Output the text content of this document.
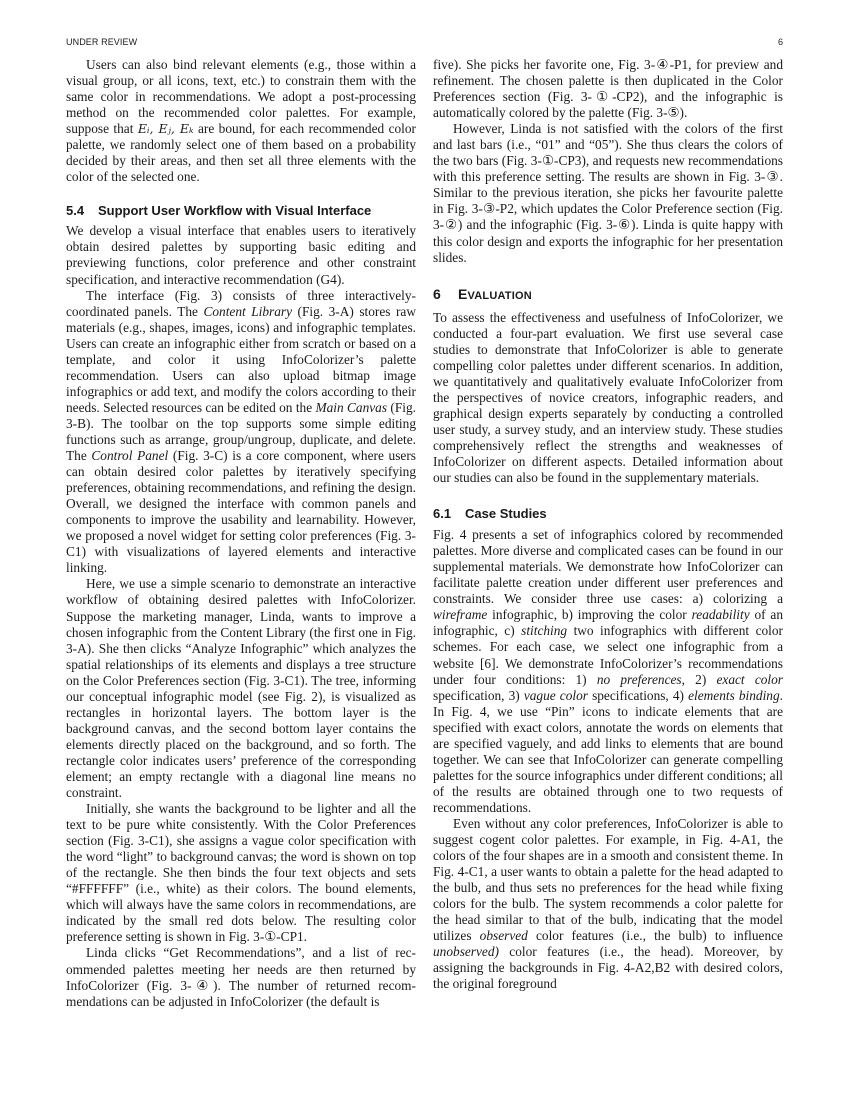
UNDER REVIEW	6

Users can also bind relevant elements (e.g., those within a visual group, or all icons, text, etc.) to constrain them with the same color in recommendations. We adopt a post-processing method on the recommended color palettes. For example, suppose that Eᵢ, Eⱼ, Eₖ are bound, for each recommended color palette, we randomly select one of them based on a probability decided by their areas, and then set all three elements with the color of the selected one.

5.4 Support User Workflow with Visual Interface

We develop a visual interface that enables users to iteratively obtain desired palettes by supporting basic editing and previewing functions, color preference and other constraint specification, and interactive recommendation (G4).

The interface (Fig. 3) consists of three interactively-coordinated panels. The Content Library (Fig. 3-A) stores raw materials (e.g., shapes, images, icons) and infographic templates. Users can create an infographic either from scratch or based on a template, and color it using InfoColorizer’s palette recommendation. Users can also upload bitmap image infographics or add text, and modify the colors according to their needs. Selected resources can be edited on the Main Canvas (Fig. 3-B). The toolbar on the top supports some simple editing functions such as arrange, group/ungroup, duplicate, and delete. The Control Panel (Fig. 3-C) is a core component, where users can obtain desired color palettes by iteratively specifying preferences, obtaining recommendations, and refining the design. Overall, we designed the interface with common panels and components to improve the usability and learnability. However, we proposed a novel widget for setting color preferences (Fig. 3-C1) with visualizations of layered elements and interactive linking.

Here, we use a simple scenario to demonstrate an interactive workflow of obtaining desired palettes with InfoColorizer. Suppose the marketing manager, Linda, wants to improve a chosen infographic from the Content Library (the first one in Fig. 3-A). She then clicks “Analyze Infographic” which analyzes the spatial relationships of its elements and displays a tree structure on the Color Preferences section (Fig. 3-C1). The tree, informing our conceptual infographic model (see Fig. 2), is visualized as rectangles in horizontal layers. The bottom layer is the background canvas, and the second bottom layer contains the elements directly placed on the background, and so forth. The rectangle color indicates users’ preference of the corresponding element; an empty rectangle with a diagonal line means no constraint.

Initially, she wants the background to be lighter and all the text to be pure white consistently. With the Color Preferences section (Fig. 3-C1), she assigns a vague color specification with the word “light” to background canvas; the word is shown on top of the rectangle. She then binds the four text objects and sets “#FFFFFF” (i.e., white) as their colors. The bound elements, which will always have the same colors in recommendations, are indicated by the small red dots below. The resulting color preference setting is shown in Fig. 3-①-CP1.

Linda clicks “Get Recommendations”, and a list of recommended palettes meeting her needs are then returned by InfoColorizer (Fig. 3-④). The number of returned recommendations can be adjusted in InfoColorizer (the default is

five). She picks her favorite one, Fig. 3-④-P1, for preview and refinement. The chosen palette is then duplicated in the Color Preferences section (Fig. 3-①-CP2), and the infographic is automatically colored by the palette (Fig. 3-⑤).

However, Linda is not satisfied with the colors of the first and last bars (i.e., “01” and “05”). She thus clears the colors of the two bars (Fig. 3-①-CP3), and requests new recommendations with this preference setting. The results are shown in Fig. 3-③. Similar to the previous iteration, she picks her favourite palette in Fig. 3-③-P2, which updates the Color Preference section (Fig. 3-②) and the infographic (Fig. 3-⑥). Linda is quite happy with this color design and exports the infographic for her presentation slides.

6 EVALUATION

To assess the effectiveness and usefulness of InfoColorizer, we conducted a four-part evaluation. We first use several case studies to demonstrate that InfoColorizer is able to generate compelling color palettes under different scenarios. In addition, we quantitatively and qualitatively evaluate InfoColorizer from the perspectives of novice creators, infographic readers, and graphical design experts separately by conducting a controlled user study, a survey study, and an interview study. These studies comprehensively reflect the strengths and weaknesses of InfoColorizer on different aspects. Detailed information about our studies can also be found in the supplementary materials.

6.1 Case Studies

Fig. 4 presents a set of infographics colored by recommended palettes. More diverse and complicated cases can be found in our supplemental materials. We demonstrate how InfoColorizer can facilitate palette creation under different user preferences and constraints. We consider three use cases: a) colorizing a wireframe infographic, b) improving the color readability of an infographic, c) stitching two infographics with different color schemes. For each case, we select one infographic from a website [6]. We demonstrate InfoColorizer’s recommendations under four conditions: 1) no preferences, 2) exact color specification, 3) vague color specifications, 4) elements binding. In Fig. 4, we use “Pin” icons to indicate elements that are specified with exact colors, annotate the words on elements that are specified vaguely, and add links to elements that are bound together. We can see that InfoColorizer can generate compelling palettes for the source infographics under different conditions; all of the results are obtained through one to two requests of recommendations.

Even without any color preferences, InfoColorizer is able to suggest cogent color palettes. For example, in Fig. 4-A1, the colors of the four shapes are in a smooth and consistent theme. In Fig. 4-C1, a user wants to obtain a palette for the head adapted to the bulb, and thus sets no preferences for the head while fixing colors for the bulb. The system recommends a color palette for the head similar to that of the bulb, indicating that the model utilizes observed color features (i.e., the bulb) to influence unobserved) color features (i.e., the head). Moreover, by assigning the backgrounds in Fig. 4-A2,B2 with desired colors, the original foreground
